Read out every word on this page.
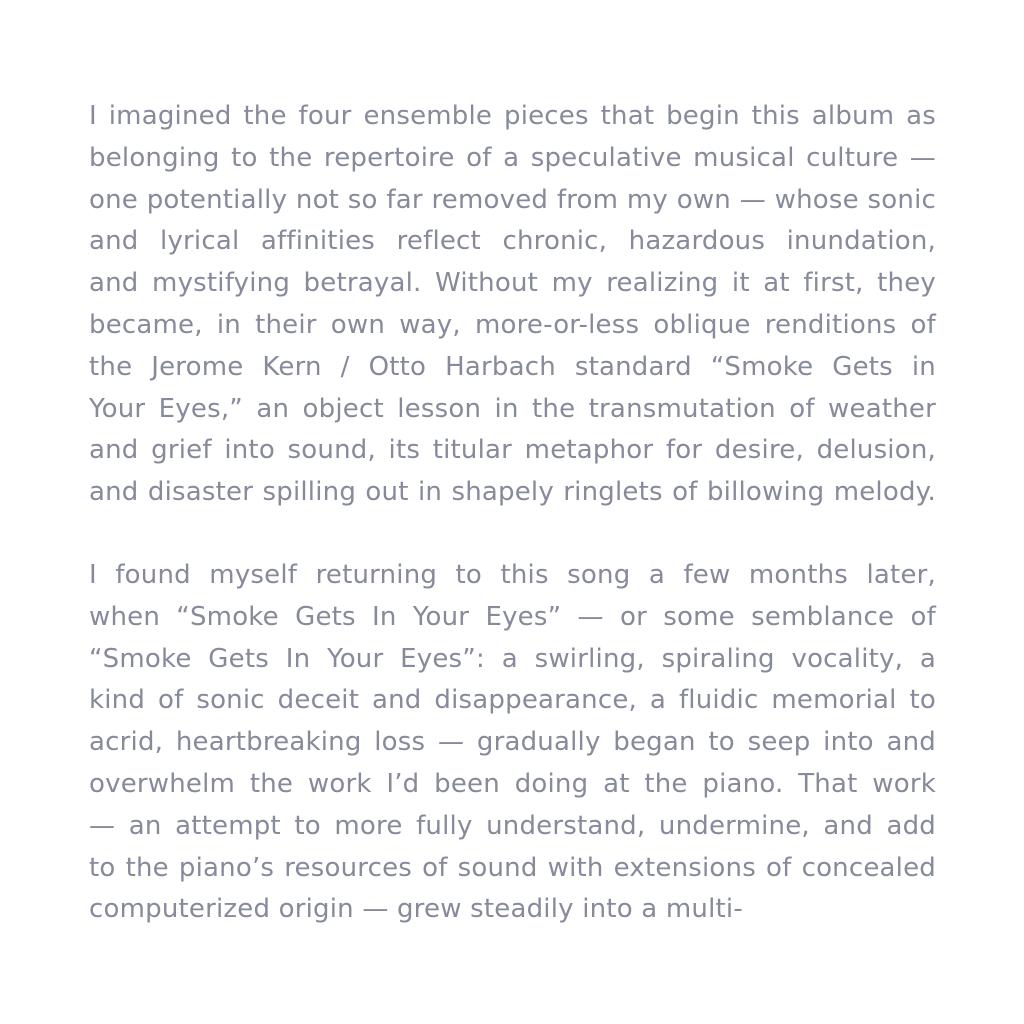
I imagined the four ensemble pieces that begin this album as
belonging to the repertoire of a speculative musical culture —
one potentially not so far removed from my own — whose sonic
and lyrical affinities reflect chronic, hazardous inundation,
and mystifying betrayal. Without my realizing it at first, they
became, in their own way, more-or-less oblique renditions of
the Jerome Kern / Otto Harbach standard “Smoke Gets in
Your Eyes,” an object lesson in the transmutation of weather
and grief into sound, its titular metaphor for desire, delusion,
and disaster spilling out in shapely ringlets of billowing melody.
I found myself returning to this song a few months later,
when “Smoke Gets In Your Eyes” — or some semblance of
“Smoke Gets In Your Eyes”: a swirling, spiraling vocality, a
kind of sonic deceit and disappearance, a fluidic memorial to
acrid, heartbreaking loss — gradually began to seep into and
overwhelm the work I’d been doing at the piano. That work
— an attempt to more fully understand, undermine, and add
to the piano’s resources of sound with extensions of concealed
computerized origin — grew steadily into a multi-
